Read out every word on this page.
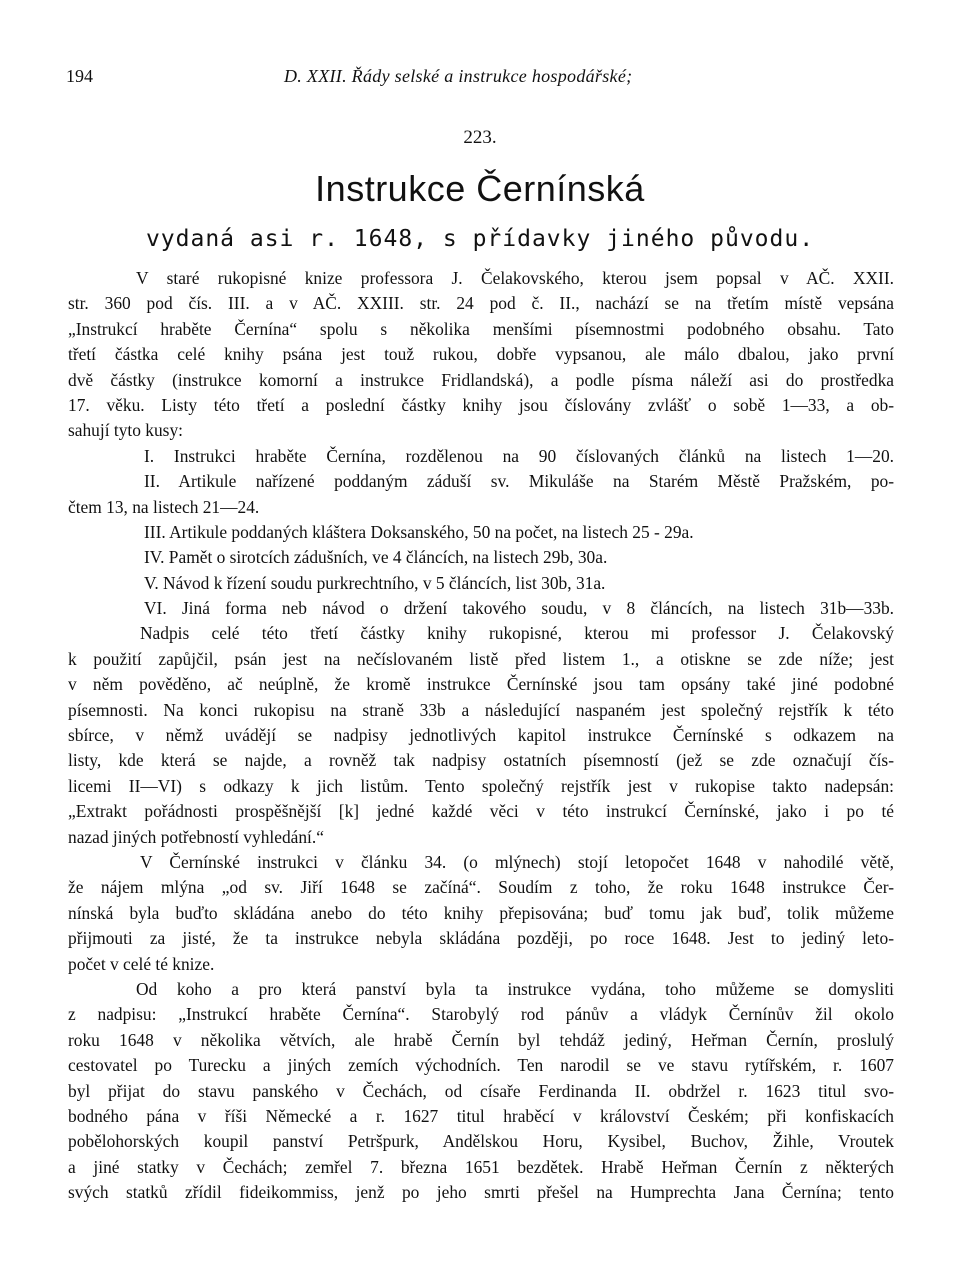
194	D. XXII. Řády selské a instrukce hospodářské;
223.
Instrukce Černínská
vydaná asi r. 1648, s přídavky jiného původu.
V staré rukopisné knize professora J. Čelakovského, kterou jsem popsal v AČ. XXII.
str. 360 pod čís. III. a v AČ. XXIII. str. 24 pod č. II., nachází se na třetím místě vepsána
„Instrukcí hraběte Černína“ spolu s několika menšími písemnostmi podobného obsahu. Tato
třetí částka celé knihy psána jest touž rukou, dobře vypsanou, ale málo dbalou, jako první
dvě částky (instrukce komorní a instrukce Fridlandská), a podle písma náleží asi do prostředka
17. věku. Listy této třetí a poslední částky knihy jsou číslovány zvlášť o sobě 1—33, a ob-
sahují tyto kusy:
I. Instrukci hraběte Černína, rozdělenou na 90 číslovaných článků na listech 1—20.
II. Artikule nařízené poddaným záduší sv. Mikuláše na Starém Městě Pražském, po-
čtem 13, na listech 21—24.
III. Artikule poddaných kláštera Doksanského, 50 na počet, na listech 25 - 29a.
IV. Pamět o sirotcích zádušních, ve 4 článcích, na listech 29b, 30a.
V. Návod k řízení soudu purkrechtního, v 5 článcích, list 30b, 31a.
VI. Jiná forma neb návod o držení takového soudu, v 8 článcích, na listech 31b—33b.
Nadpis celé této třetí částky knihy rukopisné, kterou mi professor J. Čelakovský
k použití zapůjčil, psán jest na nečíslovaném listě před listem 1., a otiskne se zde níže; jest
v něm pověděno, ač neúplně, že kromě instrukce Černínské jsou tam opsány také jiné podobné
písemnosti. Na konci rukopisu na straně 33b a následující naspaném jest společný rejstřík k této
sbírce, v němž uvádějí se nadpisy jednotlivých kapitol instrukce Černínské s odkazem na
listy, kde která se najde, a rovněž tak nadpisy ostatních písemností (jež se zde označují čís-
licemi II—VI) s odkazy k jich listům. Tento společný rejstřík jest v rukopise takto nadepsán:
„Extrakt pořádnosti prospěšnější [k] jedné každé věci v této instrukcí Černínské, jako i po té
nazad jiných potřebností vyhledání.“
V Černínské instrukci v článku 34. (o mlýnech) stojí letopočet 1648 v nahodilé větě,
že nájem mlýna „od sv. Jiří 1648 se začíná“. Soudím z toho, že roku 1648 instrukce Čer-
nínská byla buďto skládána anebo do této knihy přepisována; buď tomu jak buď, tolik můžeme
přijmouti za jisté, že ta instrukce nebyla skládána později, po roce 1648. Jest to jediný leto-
počet v celé té knize.
Od koho a pro která panství byla ta instrukce vydána, toho můžeme se domysliti
z nadpisu: „Instrukcí hraběte Černína“. Starobylý rod pánův a vládyk Černínův žil okolo
roku 1648 v několika větvích, ale hrabě Černín byl tehdáž jediný, Heřman Černín, proslulý
cestovatel po Turecku a jiných zemích východních. Ten narodil se ve stavu rytířském, r. 1607
byl přijat do stavu panského v Čechách, od císaře Ferdinanda II. obdržel r. 1623 titul svo-
bodného pána v říši Německé a r. 1627 titul hraběcí v království Českém; při konfiskacích
pobělohorských koupil panství Petršpurk, Andělskou Horu, Kysibel, Buchov, Žihle, Vroutek
a jiné statky v Čechách; zemřel 7. března 1651 bezdětek. Hrabě Heřman Černín z některých
svých statků zřídil fideikommiss, jenž po jeho smrti přešel na Humprechta Jana Černína; tento
